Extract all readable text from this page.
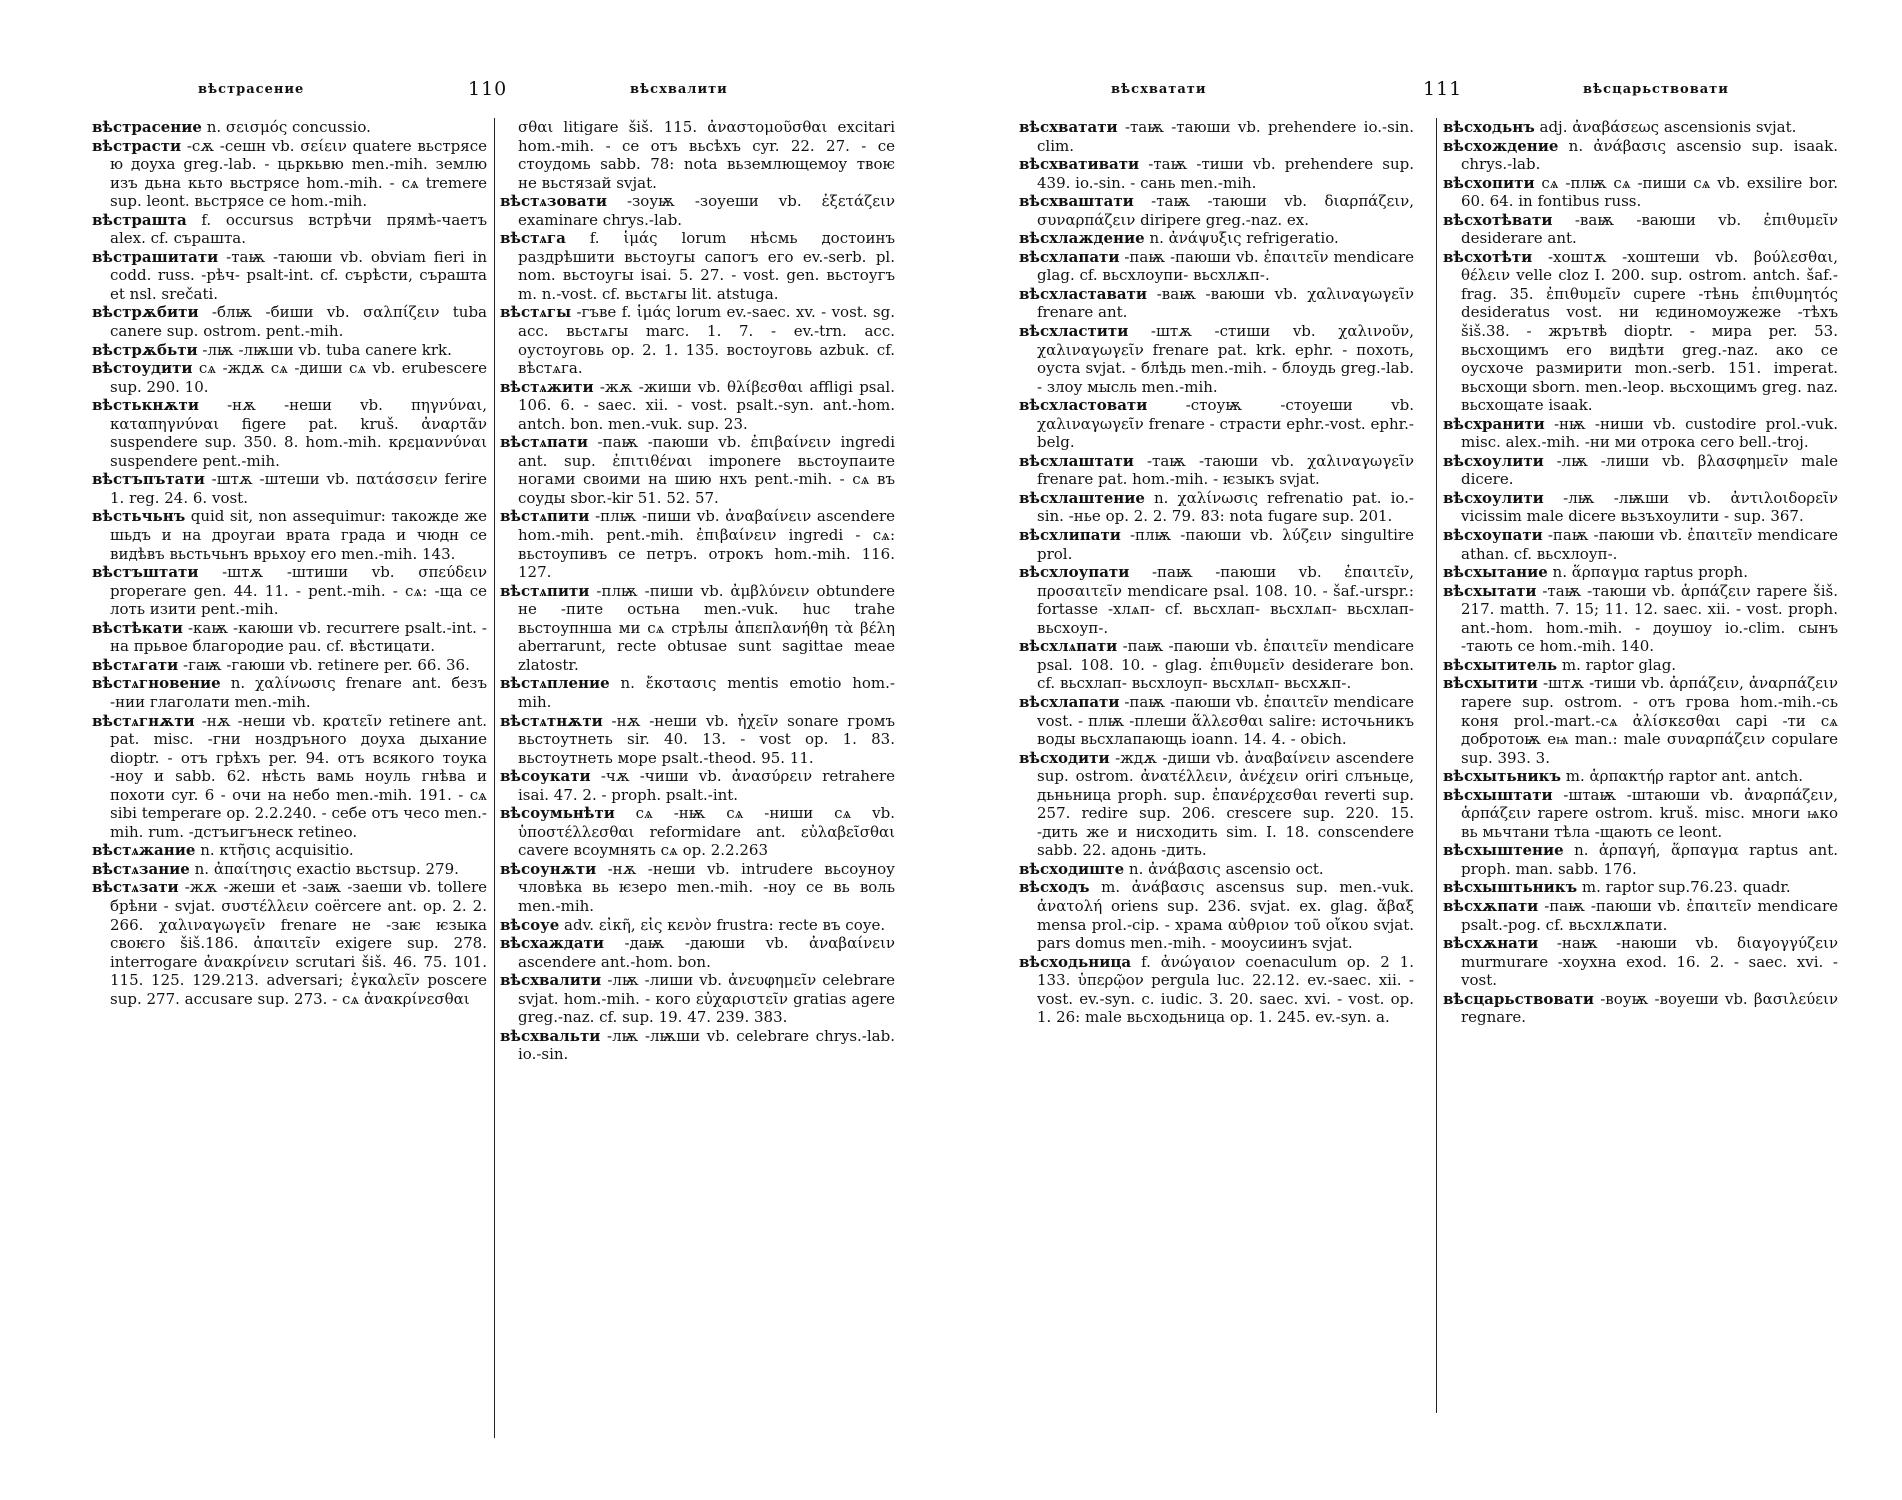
вѣстрасение	110	вѣсхвалити

вѣстрасение n. σεισμός concussio.

вѣстрасти -сѫ -сешн vb. σείειν quatere вьстрясе ю доуха greg.-lab. - цьркьвю men.-mih. землю изъ дьна кьто вьстрясе hom.-mih. - сѧ tremere sup. leont. вьстрясе се hom.-mih.

вѣстрашта f. occursus встрѣчи прямѣ-чаетъ alex. cf. сърашта.

вѣстрашитати -таѭ -таюши vb. obviam fieri in codd. russ. -рѣч- psalt-int. cf. сърѣсти, сърашта et nsl. srečati.

вѣстрѫбити -блѭ -биши vb. σαλπίζειν tuba canere sup. ostrom. pent.-mih.

вѣстрѫбьти -лѭ -лѭши vb. tuba canere krk.

вѣстоудити сѧ -ждѫ сѧ -диши сѧ vb. erubescere sup. 290. 10.

вѣстькнѫти -нѫ -неши vb. πηγνύναι, καταπηγνύναι figere pat. kruš. ἀναρτᾶν suspendere sup. 350. 8. hom.-mih. κρεμαννύναι suspendere pent.-mih.

вѣстъпътати -штѫ -штеши vb. πατάσσειν ferire 1. reg. 24. 6. vost.

вѣстьчьнъ quid sit, non assequimur: такожде же шьдъ и на дроугаи врата града и чюдн се видѣвъ вьстьчьнъ врьхоу его men.-mih. 143.

вѣстъштати -штѫ -штиши vb. σπεύδειν properare gen. 44. 11. - pent.-mih. - сѧ: -ща се лоть изити pent.-mih.

вѣстѣкати -каѭ -каюши vb. recurrere psalt.-int. - на прьвое благородие pau. cf. вѣстицати.

вѣстѧгати -гаѭ -гаюши vb. retinere per. 66. 36.

вѣстѧгновение n. χαλίνωσις frenare ant. безъ -нии глаголати men.-mih.

вѣстѧгнѫти -нѫ -неши vb. κρατεῖν retinere ant. pat. misc. -гни ноздръного доуха дыхание dioptr. - отъ грѣхъ per. 94. отъ всякого тоука -ноу и sabb. 62. нѣсть вамь ноуль гнѣва и похоти cyr. 6 - очи на небо men.-mih. 191. - сѧ sibi temperare op. 2.2.240. - себе отъ чесо men.-mih. rum. -дстъигънеск retineo.

вѣстѧжание n. κτῆσις acquisitio.

вѣстѧзание n. ἀπαίτησις exactio вьстsup. 279.

вѣстѧзати -жѫ -жеши et -заѭ -заеши vb. tollere брѣни - svjat. συστέλλειν coërcere ant. op. 2. 2. 266. χαλιναγωγεῖν frenare не -заѥ ѥзыка своѥго šiš.186. ἀπαιτεῖν exigere sup. 278. interrogare ἀνακρίνειν scrutari šiš. 46. 75. 101. 115. 125. 129.213. adversari; ἐγκαλεῖν poscere sup. 277. accusare sup. 273. - сѧ ἀνακρίνεσθαι

σθαι litigare šiš. 115. ἀναστομοῦσθαι excitari hom.-mih. - се отъ вьсѣхъ cyr. 22. 27. - се стоудомь sabb. 78: nota вьземлющемоу твоѥ не вьстязай svjat.

вѣстѧзовати -зоуѭ -зоуеши vb. ἐξετάζειν examinare chrys.-lab.

вѣстѧга f. ἱμάς lorum нѣсмь достоинъ раздрѣшити вьстоугы сапогъ его ev.-serb. pl. nom. вьстоугы isai. 5. 27. - vost. gen. вьстоугъ m. n.-vost. cf. вьстѧгы lit. atstuga.

вѣстѧгы -гъве f. ἱμάς lorum ev.-saec. xv. - vost. sg. acc. вьстѧгы marc. 1. 7. - ev.-trn. acc. оустоуговь op. 2. 1. 135. востоуговь azbuk. cf. вѣстѧга.

вѣстѧжити -жѫ -жиши vb. θλίβεσθαι affligi psal. 106. 6. - saec. xii. - vost. psalt.-syn. ant.-hom. antch. bon. men.-vuk. sup. 23.

вѣстѧпати -паѭ -паюши vb. ἐπιβαίνειν ingredi ant. sup. ἐπιτιθέναι imponere вьстоупаите ногами своими на шию нхъ pent.-mih. - сѧ въ соуды sbor.-kir 51. 52. 57.

вѣстѧпити -плѭ -пиши vb. ἀναβαίνειν ascendere hom.-mih. pent.-mih. ἐπιβαίνειν ingredi - сѧ: вьстоупивъ се петръ. отрокъ hom.-mih. 116. 127.

вѣстѧпити -плѭ -пиши vb. ἀμβλύνειν obtundere не -пите остьна men.-vuk. huc trahe вьстоупнша ми сѧ стрѣлы ἀπεπλανήθη τὰ βέλη aberrarunt, recte obtusae sunt sagittae meae zlatostr.

вѣстѧпление n. ἔκστασις mentis emotio hom.-mih.

вѣстѧтнѫти -нѫ -неши vb. ἠχεῖν sonare громъ вьстоутнеть sir. 40. 13. - vost op. 1. 83. вьстоутнеть море psalt.-theod. 95. 11.

вѣсоукати -чѫ -чиши vb. ἀνασύρειν retrahere isai. 47. 2. - proph. psalt.-int.

вѣсоумьнѣти сѧ -нѭ сѧ -ниши сѧ vb. ὑποστέλλεσθαι reformidare ant. εὐλαβεῖσθαι cavere всоумнять сѧ op. 2.2.263

вѣсоунѫти -нѫ -неши vb. intrudere вьсоуноу чловѣка вь ѥзеро men.-mih. -ноу се вь воль men.-mih.

вѣсоуе adv. εἰκῆ, εἰς κενὸν frustra: recte въ соуе.

вѣсхаждати -даѭ -даюши vb. ἀναβαίνειν ascendere ant.-hom. bon.

вѣсхвалити -лѭ -лиши vb. ἀνευφημεῖν celebrare svjat. hom.-mih. - кого εὐχαριστεῖν gratias agere greg.-naz. cf. sup. 19. 47. 239. 383.

вѣсхвальти -лѭ -лѭши vb. celebrare chrys.-lab. io.-sin.

вѣсхватати	111	вѣсцарьствовати

вѣсхватати -таѭ -таюши vb. prehendere io.-sin. clim.

вѣсхвативати -таѭ -тиши vb. prehendere sup. 439. io.-sin. - сань men.-mih.

вѣсхваштати -таѭ -таюши vb. διαρπάζειν, συναρπάζειν diripere greg.-naz. ex.

вѣсхлаждение n. ἀνάψυξις refrigeratio.

вѣсхлапати -паѭ -паюши vb. ἐπαιτεῖν mendicare glag. cf. вьсхлоупи- вьсхлѫп-.

вѣсхластавати -ваѭ -ваюши vb. χαλιναγωγεῖν frenare ant.

вѣсхластити -штѫ -стиши vb. χαλινοῦν, χαλιναγωγεῖν frenare pat. krk. ephr. - похоть, оуста svjat. - блѣдь men.-mih. - блоудь greg.-lab. - злоу мысль men.-mih.

вѣсхластовати	-стоуѭ -стоуеши vb. χαλιναγωγεῖν frenare - страсти ephr.-vost. ephr.-belg.

вѣсхлаштати -таѭ -таюши vb. χαλιναγωγεῖν frenare pat. hom.-mih. - ѥзыкъ svjat.

вѣсхлаштение n. χαλίνωσις refrenatio pat. io.-sin. -нье op. 2. 2. 79. 83: nota fugare sup. 201.

вѣсхлипати -плѭ -паюши vb. λύζειν singultire prol.

вѣсхлоупати -паѭ -паюши vb. ἐπαιτεῖν, προσαιτεῖν mendicare psal. 108. 10. - šaf.-urspr.: fortasse -хлѧп- cf. вьсхлап- вьсхлѧп- вьсхлап- вьсхоуп-.

вѣсхлѧпати -паѭ -паюши vb. ἐπαιτεῖν mendicare psal. 108. 10. - glag. ἐπιθυμεῖν desiderare bon. cf. вьсхлап- вьсхлоуп- вьсхлѧп- вьсхѫп-.

вѣсхлапати -паѭ -паюши vb. ἐπαιτεῖν mendicare vost. - плѭ -плеши ἅλλεσθαι salire: источьникъ воды вьсхлапающь ioann. 14. 4. - obich.

вѣсходити -ждѫ -диши vb. ἀναβαίνειν ascendere sup. ostrom. ἀνατέλλειν, ἀνέχειν oriri слъньце, дьньница proph. sup. ἐπανέρχεσθαι reverti sup. 257. redire sup. 206. crescere sup. 220. 15. -дить же и нисходить sim. I. 18. conscendere sabb. 22. адонь -дить.

вѣсходиште n. ἀνάβασις ascensio oct.

вѣсходъ m. ἀνάβασις ascensus sup. men.-vuk. ἀνατολή oriens sup. 236. svjat. ex. glag. ἄβαξ mensa prol.-cip. - храма αὐθριον τοῦ οἴκου svjat. pars domus men.-mih. - мооусиинъ svjat.

вѣсходьница f. ἀνώγαιον coenaculum op. 2 1. 133. ὑπερῷον pergula luc. 22.12. ev.-saec. xii. - vost. ev.-syn. c. iudic. 3. 20. saec. xvi. - vost. op. 1. 26: male вьсходьница op. 1. 245. ev.-syn. a.

вѣсходьнъ adj. ἀναβάσεως ascensionis svjat.

вѣсхождение n. ἀνάβασις ascensio sup. isaak. chrys.-lab.

вѣсхопити сѧ -плѭ сѧ -пиши сѧ vb. exsilire bor. 60. 64. in fontibus russ.

вѣсхотѣвати -ваѭ -ваюши vb. ἐπιθυμεῖν desiderare ant.

вѣсхотѣти -хоштѫ -хоштеши vb. βούλεσθαι, θέλειν velle cloz I. 200. sup. ostrom. antch. šaf.-frag. 35. ἐπιθυμεῖν cupere -тѣнь ἐπιθυμητός desideratus vost. ни ѥдиномоужеже -тѣхъ šiš.38. - жрътвѣ dioptr. - мира per. 53. вьсхощимъ его видѣти greg.-naz. ако се оусхоче размирити mon.-serb. 151. imperat. вьсхощи sborn. men.-leop. вьсхощимъ greg. naz. вьсхощате isaak.

вѣсхранити -нѭ -ниши vb. custodire prol.-vuk. misc. alex.-mih. -ни ми отрока сего bell.-troj.

вѣсхоулити -лѭ -лиши vb. βλασφημεῖν male dicere.

вѣсхоулити -лѭ -лѭши vb. ἀντιλοιδορεῖν vicissim male dicere вьзъхоулити - sup. 367.

вѣсхоупати -паѭ -паюши vb. ἐπαιτεῖν mendicare athan. cf. вьсхлоуп-.

вѣсхытание n. ἅρπαγμα raptus proph.

вѣсхытати -таѭ -таюши vb. ἁρπάζειν rapere šiš. 217. matth. 7. 15; 11. 12. saec. xii. - vost. proph. ant.-hom. hom.-mih. - доушоу io.-clim. сынъ -тають се hom.-mih. 140.

вѣсхытитель m. raptor glag.

вѣсхытити -штѫ -тиши vb. ἁρπάζειν, ἀναρπάζειν rapere sup. ostrom. - отъ грова hom.-mih.-сь коня prol.-mart.-сѧ ἀλίσκεσθαι capi -ти сѧ добротоѭ еѩ man.: male συναρπάζειν copulare sup. 393. 3.

вѣсхытьникъ m. ἁρπακτήρ raptor ant. antch.

вѣсхыштати -штаѭ -штаюши vb. ἀναρπάζειν, ἁρπάζειν rapere ostrom. kruš. misc. многи ѩко вь мьчтани тѣла -щають се leont.

вѣсхыштение n. ἁρπαγή, ἅρπαγμα raptus ant. proph. man. sabb. 176.

вѣсхыштьникъ m. raptor sup.76.23. quadr.

вѣсхѫпати -паѭ -паюши vb. ἐπαιτεῖν mendicare psalt.-pog. cf. вьсхлѫпати.

вѣсхѫнати -наѭ -наюши vb. διαγογγύζειν murmurare -хоухна exod. 16. 2. - saec. xvi. - vost.

вѣсцарьствовати -воуѭ -воуеши vb. βασιλεύειν regnare.
